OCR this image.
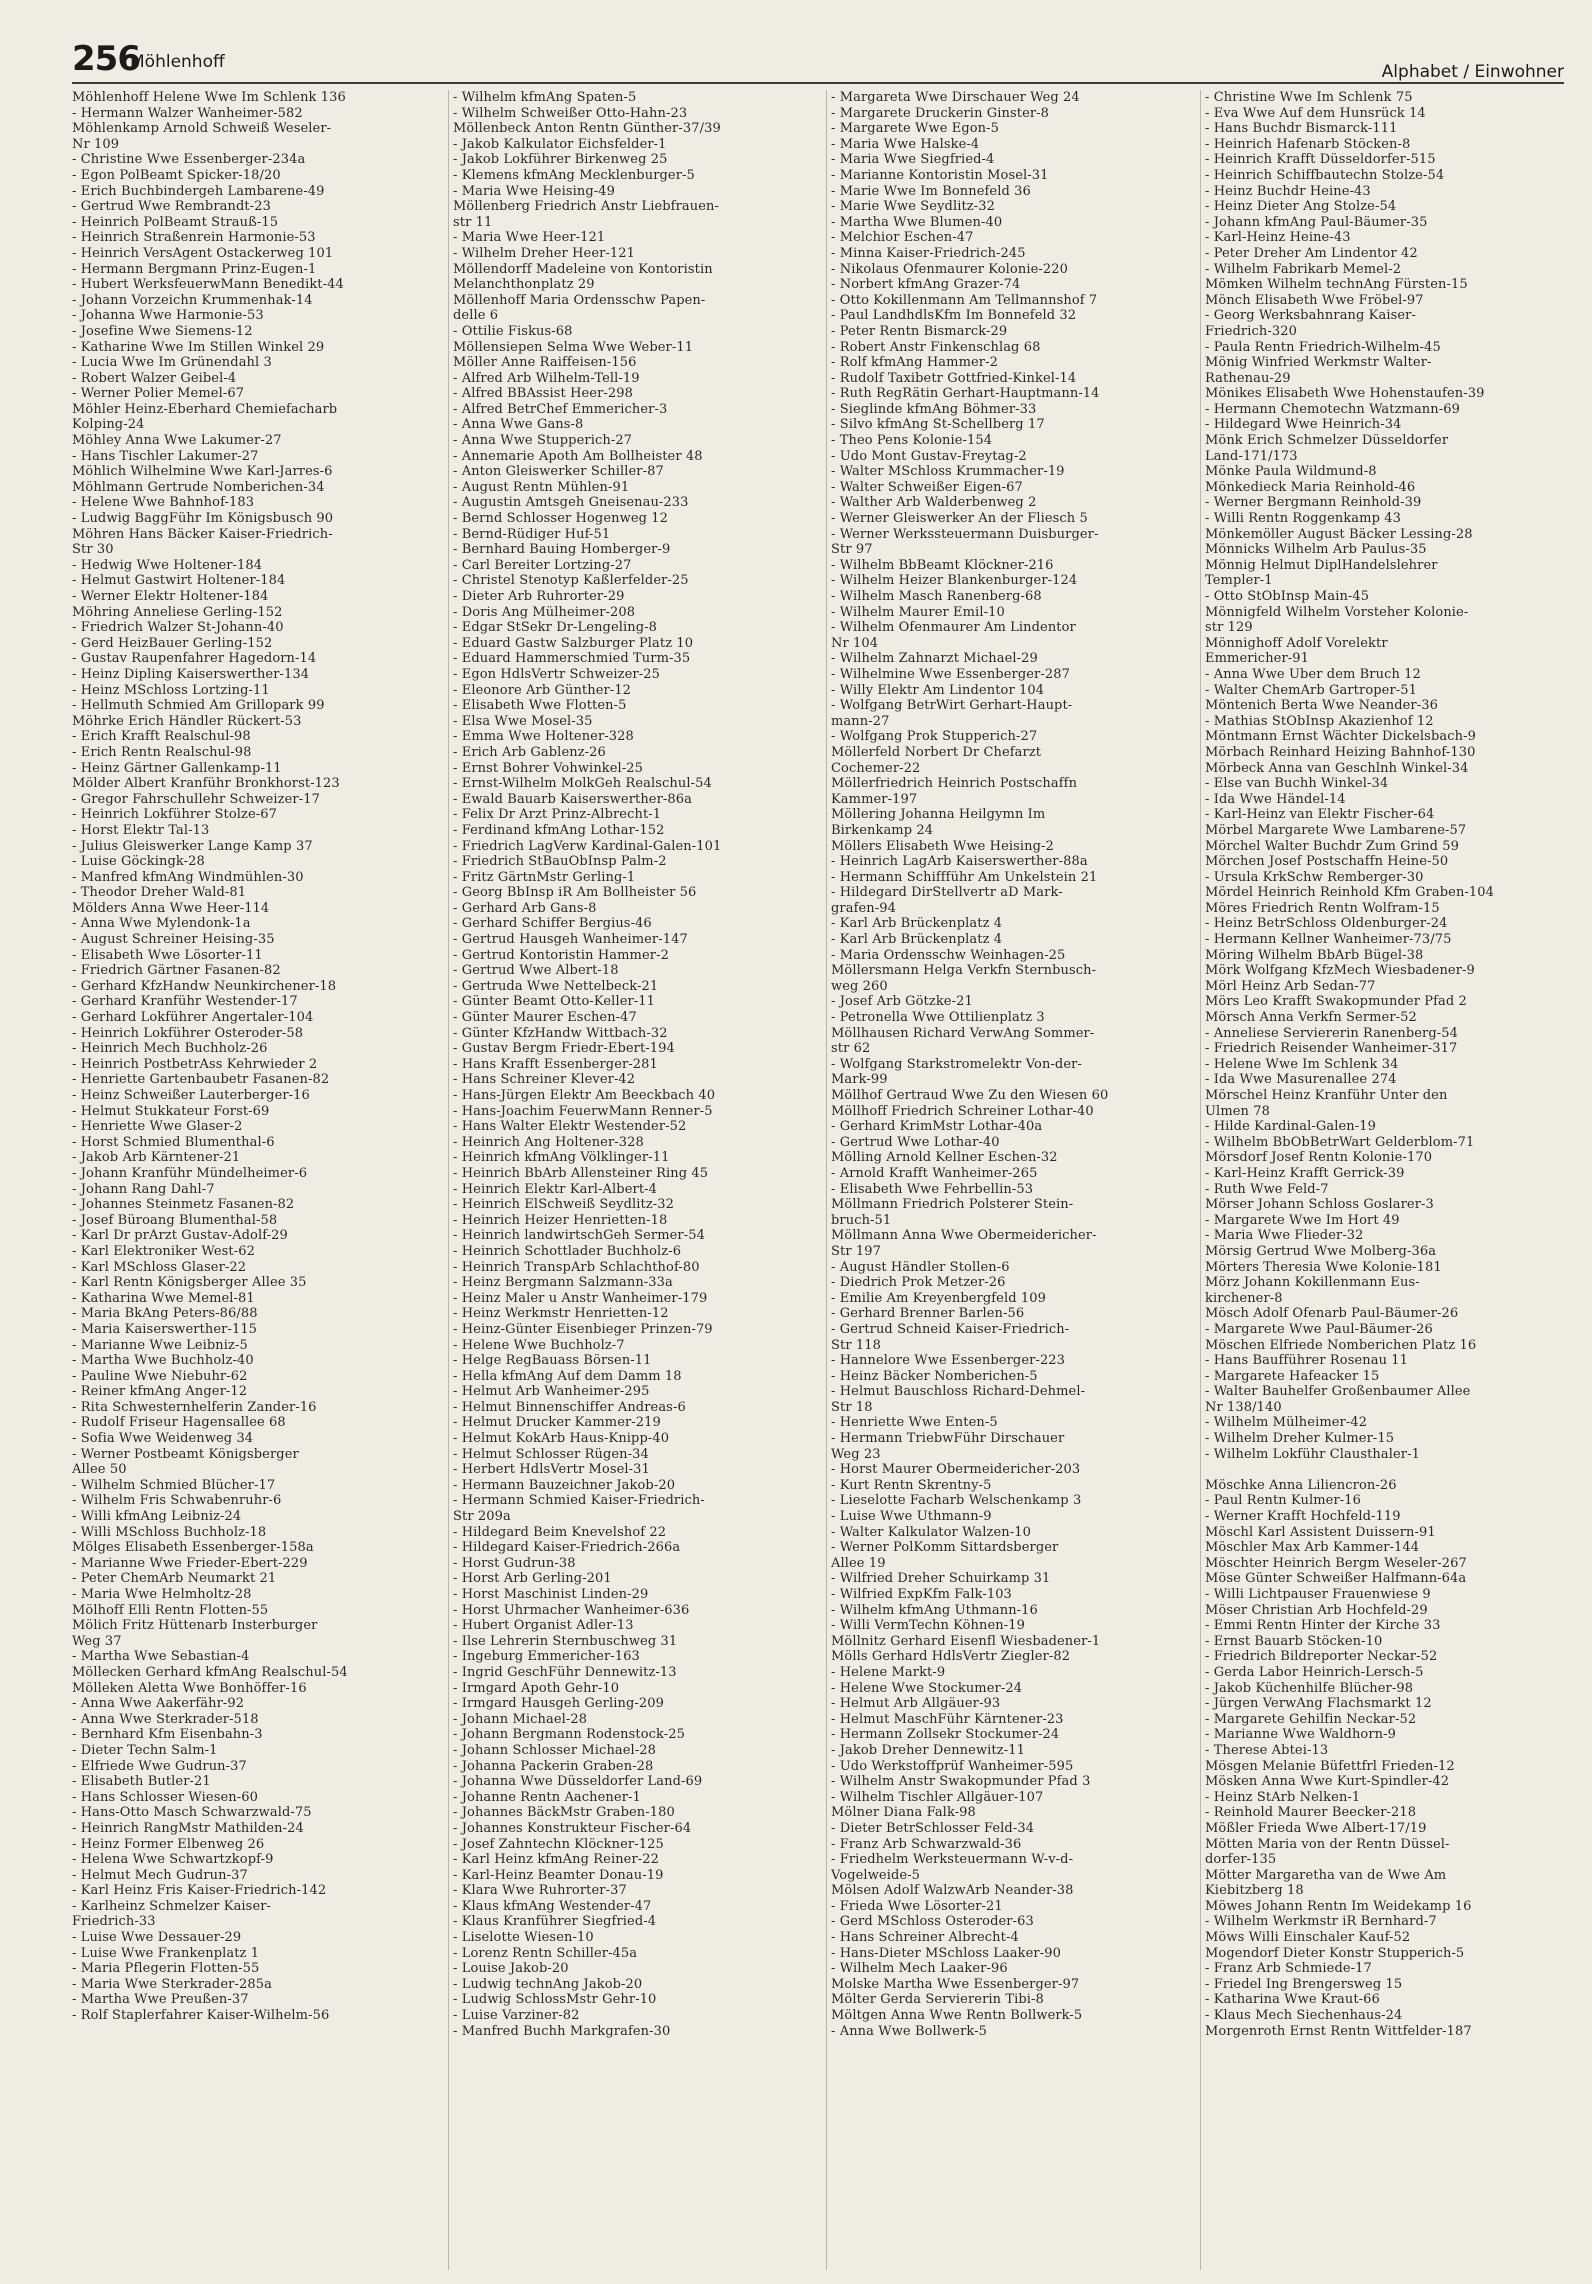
256
Möhlenhoff	Alphabet / Einwohner
Möhlenhoff Helene Wwe Im Schlenk 136
- Hermann Walzer Wanheimer-582
Möhlenkamp Arnold Schweiß Weseler-
Nr 109
- Christine Wwe Essenberger-234a
- Egon PolBeamt Spicker-18/20
- Erich Buchbindergeh Lambarene-49
- Gertrud Wwe Rembrandt-23
- Heinrich PolBeamt Strauß-15
- Heinrich Straßenrein Harmonie-53
- Heinrich VersAgent Ostackerweg 101
- Hermann Bergmann Prinz-Eugen-1
- Hubert WerksfeuerwMann Benedikt-44
- Johann Vorzeichn Krummenhak-14
- Johanna Wwe Harmonie-53
- Josefine Wwe Siemens-12
- Katharine Wwe Im Stillen Winkel 29
- Lucia Wwe Im Grünendahl 3
- Robert Walzer Geibel-4
- Werner Polier Memel-67
Möhler Heinz-Eberhard Chemiefacharb
Kolping-24
Möhley Anna Wwe Lakumer-27
- Hans Tischler Lakumer-27
Möhlich Wilhelmine Wwe Karl-Jarres-6
Möhlmann Gertrude Nomberichen-34
- Helene Wwe Bahnhof-183
- Ludwig BaggFühr Im Königsbusch 90
Möhren Hans Bäcker Kaiser-Friedrich-
Str 30
- Hedwig Wwe Holtener-184
- Helmut Gastwirt Holtener-184
- Werner Elektr Holtener-184
Möhring Anneliese Gerling-152
- Friedrich Walzer St-Johann-40
- Gerd HeizBauer Gerling-152
- Gustav Raupenfahrer Hagedorn-14
- Heinz Dipling Kaiserswerther-134
- Heinz MSchloss Lortzing-11
- Hellmuth Schmied Am Grillopark 99
Möhrke Erich Händler Rückert-53
- Erich Krafft Realschul-98
- Erich Rentn Realschul-98
- Heinz Gärtner Gallenkamp-11
Mölder Albert Kranführ Bronkhorst-123
- Gregor Fahrschullehr Schweizer-17
- Heinrich Lokführer Stolze-67
- Horst Elektr Tal-13
- Julius Gleiswerker Lange Kamp 37
- Luise Göckingk-28
- Manfred kfmAng Windmühlen-30
- Theodor Dreher Wald-81
Mölders Anna Wwe Heer-114
- Anna Wwe Mylendonk-1a
- August Schreiner Heising-35
- Elisabeth Wwe Lösorter-11
- Friedrich Gärtner Fasanen-82
- Gerhard KfzHandw Neunkirchener-18
- Gerhard Kranführ Westender-17
- Gerhard Lokführer Angertaler-104
- Heinrich Lokführer Osteroder-58
- Heinrich Mech Buchholz-26
- Heinrich PostbetrAss Kehrwieder 2
- Henriette Gartenbaubetr Fasanen-82
- Heinz Schweißer Lauterberger-16
- Helmut Stukkateur Forst-69
- Henriette Wwe Glaser-2
- Horst Schmied Blumenthal-6
- Jakob Arb Kärntener-21
- Johann Kranführ Mündelheimer-6
- Johann Rang Dahl-7
- Johannes Steinmetz Fasanen-82
- Josef Büroang Blumenthal-58
- Karl Dr prArzt Gustav-Adolf-29
- Karl Elektroniker West-62
- Karl MSchloss Glaser-22
- Karl Rentn Königsberger Allee 35
- Katharina Wwe Memel-81
- Maria BkAng Peters-86/88
- Maria Kaiserswerther-115
- Marianne Wwe Leibniz-5
- Martha Wwe Buchholz-40
- Pauline Wwe Niebuhr-62
- Reiner kfmAng Anger-12
- Rita Schwesternhelferin Zander-16
- Rudolf Friseur Hagensallee 68
- Sofia Wwe Weidenweg 34
- Werner Postbeamt Königsberger
Allee 50
- Wilhelm Schmied Blücher-17
- Wilhelm Fris Schwabenruhr-6
- Willi kfmAng Leibniz-24
- Willi MSchloss Buchholz-18
Mölges Elisabeth Essenberger-158a
- Marianne Wwe Frieder-Ebert-229
- Peter ChemArb Neumarkt 21
- Maria Wwe Helmholtz-28
Mölhoff Elli Rentn Flotten-55
Mölich Fritz Hüttenarb Insterburger
Weg 37
- Martha Wwe Sebastian-4
Möllecken Gerhard kfmAng Realschul-54
Mölleken Aletta Wwe Bonhöffer-16
- Anna Wwe Aakerfähr-92
- Anna Wwe Sterkrader-518
- Bernhard Kfm Eisenbahn-3
- Dieter Techn Salm-1
- Elfriede Wwe Gudrun-37
- Elisabeth Butler-21
- Hans Schlosser Wiesen-60
- Hans-Otto Masch Schwarzwald-75
- Heinrich RangMstr Mathilden-24
- Heinz Former Elbenweg 26
- Helena Wwe Schwartzkopf-9
- Helmut Mech Gudrun-37
- Karl Heinz Fris Kaiser-Friedrich-142
- Karlheinz Schmelzer Kaiser-
Friedrich-33
- Luise Wwe Dessauer-29
- Luise Wwe Frankenplatz 1
- Maria Pflegerin Flotten-55
- Maria Wwe Sterkrader-285a
- Martha Wwe Preußen-37
- Rolf Staplerfahrer Kaiser-Wilhelm-56
- Wilhelm kfmAng Spaten-5
- Wilhelm Schweißer Otto-Hahn-23
Möllenbeck Anton Rentn Günther-37/39
- Jakob Kalkulator Eichsfelder-1
- Jakob Lokführer Birkenweg 25
- Klemens kfmAng Mecklenburger-5
- Maria Wwe Heising-49
Möllenberg Friedrich Anstr Liebfrauen-
str 11
- Maria Wwe Heer-121
- Wilhelm Dreher Heer-121
Möllendorff Madeleine von Kontoristin
Melanchthonplatz 29
Möllenhoff Maria Ordensschw Papen-
delle 6
- Ottilie Fiskus-68
Möllensiepen Selma Wwe Weber-11
Möller Anne Raiffeisen-156
- Alfred Arb Wilhelm-Tell-19
- Alfred BBAssist Heer-298
- Alfred BetrChef Emmericher-3
- Anna Wwe Gans-8
- Anna Wwe Stupperich-27
- Annemarie Apoth Am Bollheister 48
- Anton Gleiswerker Schiller-87
- August Rentn Mühlen-91
- Augustin Amtsgeh Gneisenau-233
- Bernd Schlosser Hogenweg 12
- Bernd-Rüdiger Huf-51
- Bernhard Bauing Homberger-9
- Carl Bereiter Lortzing-27
- Christel Stenotyp Kaßlerfelder-25
- Dieter Arb Ruhrorter-29
- Doris Ang Mülheimer-208
- Edgar StSekr Dr-Lengeling-8
- Eduard Gastw Salzburger Platz 10
- Eduard Hammerschmied Turm-35
- Egon HdlsVertr Schweizer-25
- Eleonore Arb Günther-12
- Elisabeth Wwe Flotten-5
- Elsa Wwe Mosel-35
- Emma Wwe Holtener-328
- Erich Arb Gablenz-26
- Ernst Bohrer Vohwinkel-25
- Ernst-Wilhelm MolkGeh Realschul-54
- Ewald Bauarb Kaiserswerther-86a
- Felix Dr Arzt Prinz-Albrecht-1
- Ferdinand kfmAng Lothar-152
- Friedrich LagVerw Kardinal-Galen-101
- Friedrich StBauObInsp Palm-2
- Fritz GärtnMstr Gerling-1
- Georg BbInsp iR Am Bollheister 56
- Gerhard Arb Gans-8
- Gerhard Schiffer Bergius-46
- Gertrud Hausgeh Wanheimer-147
- Gertrud Kontoristin Hammer-2
- Gertrud Wwe Albert-18
- Gertruda Wwe Nettelbeck-21
- Günter Beamt Otto-Keller-11
- Günter Maurer Eschen-47
- Günter KfzHandw Wittbach-32
- Gustav Bergm Friedr-Ebert-194
- Hans Krafft Essenberger-281
- Hans Schreiner Klever-42
- Hans-Jürgen Elektr Am Beeckbach 40
- Hans-Joachim FeuerwMann Renner-5
- Hans Walter Elektr Westender-52
- Heinrich Ang Holtener-328
- Heinrich kfmAng Völklinger-11
- Heinrich BbArb Allensteiner Ring 45
- Heinrich Elektr Karl-Albert-4
- Heinrich ElSchweiß Seydlitz-32
- Heinrich Heizer Henrietten-18
- Heinrich landwirtschGeh Sermer-54
- Heinrich Schottlader Buchholz-6
- Heinrich TranspArb Schlachthof-80
- Heinz Bergmann Salzmann-33a
- Heinz Maler u Anstr Wanheimer-179
- Heinz Werkmstr Henrietten-12
- Heinz-Günter Eisenbieger Prinzen-79
- Helene Wwe Buchholz-7
- Helge RegBauass Börsen-11
- Hella kfmAng Auf dem Damm 18
- Helmut Arb Wanheimer-295
- Helmut Binnenschiffer Andreas-6
- Helmut Drucker Kammer-219
- Helmut KokArb Haus-Knipp-40
- Helmut Schlosser Rügen-34
- Herbert HdlsVertr Mosel-31
- Hermann Bauzeichner Jakob-20
- Hermann Schmied Kaiser-Friedrich-
Str 209a
- Hildegard Beim Knevelshof 22
- Hildegard Kaiser-Friedrich-266a
- Horst Gudrun-38
- Horst Arb Gerling-201
- Horst Maschinist Linden-29
- Horst Uhrmacher Wanheimer-636
- Hubert Organist Adler-13
- Ilse Lehrerin Sternbuschweg 31
- Ingeburg Emmericher-163
- Ingrid GeschFühr Dennewitz-13
- Irmgard Apoth Gehr-10
- Irmgard Hausgeh Gerling-209
- Johann Michael-28
- Johann Bergmann Rodenstock-25
- Johann Schlosser Michael-28
- Johanna Packerin Graben-28
- Johanna Wwe Düsseldorfer Land-69
- Johanne Rentn Aachener-1
- Johannes BäckMstr Graben-180
- Johannes Konstrukteur Fischer-64
- Josef Zahntechn Klöckner-125
- Karl Heinz kfmAng Reiner-22
- Karl-Heinz Beamter Donau-19
- Klara Wwe Ruhrorter-37
- Klaus kfmAng Westender-47
- Klaus Kranführer Siegfried-4
- Liselotte Wiesen-10
- Lorenz Rentn Schiller-45a
- Louise Jakob-20
- Ludwig technAng Jakob-20
- Ludwig SchlossMstr Gehr-10
- Luise Varziner-82
- Manfred Buchh Markgrafen-30
- Margareta Wwe Dirschauer Weg 24
- Margarete Druckerin Ginster-8
- Margarete Wwe Egon-5
- Maria Wwe Halske-4
- Maria Wwe Siegfried-4
- Marianne Kontoristin Mosel-31
- Marie Wwe Im Bonnefeld 36
- Marie Wwe Seydlitz-32
- Martha Wwe Blumen-40
- Melchior Eschen-47
- Minna Kaiser-Friedrich-245
- Nikolaus Ofenmaurer Kolonie-220
- Norbert kfmAng Grazer-74
- Otto Kokillenmann Am Tellmannshof 7
- Paul LandhdlsKfm Im Bonnefeld 32
- Peter Rentn Bismarck-29
- Robert Anstr Finkenschlag 68
- Rolf kfmAng Hammer-2
- Rudolf Taxibetr Gottfried-Kinkel-14
- Ruth RegRätin Gerhart-Hauptmann-14
- Sieglinde kfmAng Böhmer-33
- Silvo kfmAng St-Schellberg 17
- Theo Pens Kolonie-154
- Udo Mont Gustav-Freytag-2
- Walter MSchloss Krummacher-19
- Walter Schweißer Eigen-67
- Walther Arb Walderbenweg 2
- Werner Gleiswerker An der Fliesch 5
- Werner Werkssteuermann Duisburger-
Str 97
- Wilhelm BbBeamt Klöckner-216
- Wilhelm Heizer Blankenburger-124
- Wilhelm Masch Ranenberg-68
- Wilhelm Maurer Emil-10
- Wilhelm Ofenmaurer Am Lindentor
Nr 104
- Wilhelm Zahnarzt Michael-29
- Wilhelmine Wwe Essenberger-287
- Willy Elektr Am Lindentor 104
- Wolfgang BetrWirt Gerhart-Haupt-
mann-27
- Wolfgang Prok Stupperich-27
Möllerfeld Norbert Dr Chefarzt
Cochemer-22
Möllerfriedrich Heinrich Postschaffn
Kammer-197
Möllering Johanna Heilgymn Im
Birkenkamp 24
Möllers Elisabeth Wwe Heising-2
- Heinrich LagArb Kaiserswerther-88a
- Hermann Schiffführ Am Unkelstein 21
- Hildegard DirStellvertr aD Mark-
grafen-94
- Karl Arb Brückenplatz 4
- Karl Arb Brückenplatz 4
- Maria Ordensschw Weinhagen-25
Möllersmann Helga Verkfn Sternbusch-
weg 260
- Josef Arb Götzke-21
- Petronella Wwe Ottilienplatz 3
Möllhausen Richard VerwAng Sommer-
str 62
- Wolfgang Starkstromelektr Von-der-
Mark-99
Möllhof Gertraud Wwe Zu den Wiesen 60
Möllhoff Friedrich Schreiner Lothar-40
- Gerhard KrimMstr Lothar-40a
- Gertrud Wwe Lothar-40
Mölling Arnold Kellner Eschen-32
- Arnold Krafft Wanheimer-265
- Elisabeth Wwe Fehrbellin-53
Möllmann Friedrich Polsterer Stein-
bruch-51
Möllmann Anna Wwe Obermeidericher-
Str 197
- August Händler Stollen-6
- Diedrich Prok Metzer-26
- Emilie Am Kreyenbergfeld 109
- Gerhard Brenner Barlen-56
- Gertrud Schneid Kaiser-Friedrich-
Str 118
- Hannelore Wwe Essenberger-223
- Heinz Bäcker Nomberichen-5
- Helmut Bauschloss Richard-Dehmel-
Str 18
- Henriette Wwe Enten-5
- Hermann TriebwFühr Dirschauer
Weg 23
- Horst Maurer Obermeidericher-203
- Kurt Rentn Skrentny-5
- Lieselotte Facharb Welschenkamp 3
- Luise Wwe Uthmann-9
- Walter Kalkulator Walzen-10
- Werner PolKomm Sittardsberger
Allee 19
- Wilfried Dreher Schuirkamp 31
- Wilfried ExpKfm Falk-103
- Wilhelm kfmAng Uthmann-16
- Willi VermTechn Köhnen-19
Möllnitz Gerhard Eisenfl Wiesbadener-1
Mölls Gerhard HdlsVertr Ziegler-82
- Helene Markt-9
- Helene Wwe Stockumer-24
- Helmut Arb Allgäuer-93
- Helmut MaschFühr Kärntener-23
- Hermann Zollsekr Stockumer-24
- Jakob Dreher Dennewitz-11
- Udo Werkstoffprüf Wanheimer-595
- Wilhelm Anstr Swakopmunder Pfad 3
- Wilhelm Tischler Allgäuer-107
Mölner Diana Falk-98
- Dieter BetrSchlosser Feld-34
- Franz Arb Schwarzwald-36
- Friedhelm Werksteuermann W-v-d-
Vogelweide-5
Mölsen Adolf WalzwArb Neander-38
- Frieda Wwe Lösorter-21
- Gerd MSchloss Osteroder-63
- Hans Schreiner Albrecht-4
- Hans-Dieter MSchloss Laaker-90
- Wilhelm Mech Laaker-96
Molske Martha Wwe Essenberger-97
Mölter Gerda Serviererin Tibi-8
Möltgen Anna Wwe Rentn Bollwerk-5
- Anna Wwe Bollwerk-5
- Christine Wwe Im Schlenk 75
- Eva Wwe Auf dem Hunsrück 14
- Hans Buchdr Bismarck-111
- Heinrich Hafenarb Stöcken-8
- Heinrich Krafft Düsseldorfer-515
- Heinrich Schiffbautechn Stolze-54
- Heinz Buchdr Heine-43
- Heinz Dieter Ang Stolze-54
- Johann kfmAng Paul-Bäumer-35
- Karl-Heinz Heine-43
- Peter Dreher Am Lindentor 42
- Wilhelm Fabrikarb Memel-2
Mömken Wilhelm technAng Fürsten-15
Mönch Elisabeth Wwe Fröbel-97
- Georg Werksbahnrang Kaiser-
Friedrich-320
- Paula Rentn Friedrich-Wilhelm-45
Mönig Winfried Werkmstr Walter-
Rathenau-29
Mönikes Elisabeth Wwe Hohenstaufen-39
- Hermann Chemotechn Watzmann-69
- Hildegard Wwe Heinrich-34
Mönk Erich Schmelzer Düsseldorfer
Land-171/173
Mönke Paula Wildmund-8
Mönkedieck Maria Reinhold-46
- Werner Bergmann Reinhold-39
- Willi Rentn Roggenkamp 43
Mönkemöller August Bäcker Lessing-28
Mönnicks Wilhelm Arb Paulus-35
Mönnig Helmut DiplHandelslehrer
Templer-1
- Otto StObInsp Main-45
Mönnigfeld Wilhelm Vorsteher Kolonie-
str 129
Mönnighoff Adolf Vorelektr
Emmericher-91
- Anna Wwe Über dem Bruch 12
- Walter ChemArb Gartroper-51
Möntenich Berta Wwe Neander-36
- Mathias StObInsp Akazienhof 12
Möntmann Ernst Wächter Dickelsbach-9
Mörbach Reinhard Heizing Bahnhof-130
Mörbeck Anna van Geschlnh Winkel-34
- Else van Buchh Winkel-34
- Ida Wwe Händel-14
- Karl-Heinz van Elektr Fischer-64
Mörbel Margarete Wwe Lambarene-57
Mörchel Walter Buchdr Zum Grind 59
Mörchen Josef Postschaffn Heine-50
- Ursula KrkSchw Remberger-30
Mördel Heinrich Reinhold Kfm Graben-104
Möres Friedrich Rentn Wolfram-15
- Heinz BetrSchloss Oldenburger-24
- Hermann Kellner Wanheimer-73/75
Möring Wilhelm BbArb Bügel-38
Mörk Wolfgang KfzMech Wiesbadener-9
Mörl Heinz Arb Sedan-77
Mörs Leo Krafft Swakopmunder Pfad 2
Mörsch Anna Verkfn Sermer-52
- Anneliese Serviererin Ranenberg-54
- Friedrich Reisender Wanheimer-317
- Helene Wwe Im Schlenk 34
- Ida Wwe Masurenallee 274
Mörschel Heinz Kranführ Unter den
Ulmen 78
- Hilde Kardinal-Galen-19
- Wilhelm BbObBetrWart Gelderblom-71
Mörsdorf Josef Rentn Kolonie-170
- Karl-Heinz Krafft Gerrick-39
- Ruth Wwe Feld-7
Mörser Johann Schloss Goslarer-3
- Margarete Wwe Im Hort 49
- Maria Wwe Flieder-32
Mörsig Gertrud Wwe Molberg-36a
Mörters Theresia Wwe Kolonie-181
Mörz Johann Kokillenmann Eus-
kirchener-8
Mösch Adolf Ofenarb Paul-Bäumer-26
- Margarete Wwe Paul-Bäumer-26
Möschen Elfriede Nomberichen Platz 16
- Hans Baufführer Rosenau 11
- Margarete Hafeacker 15
- Walter Bauhelfer Großenbaumer Allee
Nr 138/140
- Wilhelm Mülheimer-42
- Wilhelm Dreher Kulmer-15
- Wilhelm Lokführ Clausthaler-1
Möschke Anna Liliencron-26
- Paul Rentn Kulmer-16
- Werner Krafft Hochfeld-119
Möschl Karl Assistent Duissern-91
Möschler Max Arb Kammer-144
Möschter Heinrich Bergm Weseler-267
Möse Günter Schweißer Halfmann-64a
- Willi Lichtpauser Frauenwiese 9
Möser Christian Arb Hochfeld-29
- Emmi Rentn Hinter der Kirche 33
- Ernst Bauarb Stöcken-10
- Friedrich Bildreporter Neckar-52
- Gerda Labor Heinrich-Lersch-5
- Jakob Küchenhilfe Blücher-98
- Jürgen VerwAng Flachsmarkt 12
- Margarete Gehilfin Neckar-52
- Marianne Wwe Waldhorn-9
- Therese Abtei-13
Mösgen Melanie Büfettfrl Frieden-12
Mösken Anna Wwe Kurt-Spindler-42
- Heinz StArb Nelken-1
- Reinhold Maurer Beecker-218
Mößler Frieda Wwe Albert-17/19
Mötten Maria von der Rentn Düssel-
dorfer-135
Mötter Margaretha van de Wwe Am
Kiebitzberg 18
Möwes Johann Rentn Im Weidekamp 16
- Wilhelm Werkmstr iR Bernhard-7
Möws Willi Einschaler Kauf-52
Mogendorf Dieter Konstr Stupperich-5
- Franz Arb Schmiede-17
- Friedel Ing Brengersweg 15
- Katharina Wwe Kraut-66
- Klaus Mech Siechenhaus-24
Morgenroth Ernst Rentn Wittfelder-187
